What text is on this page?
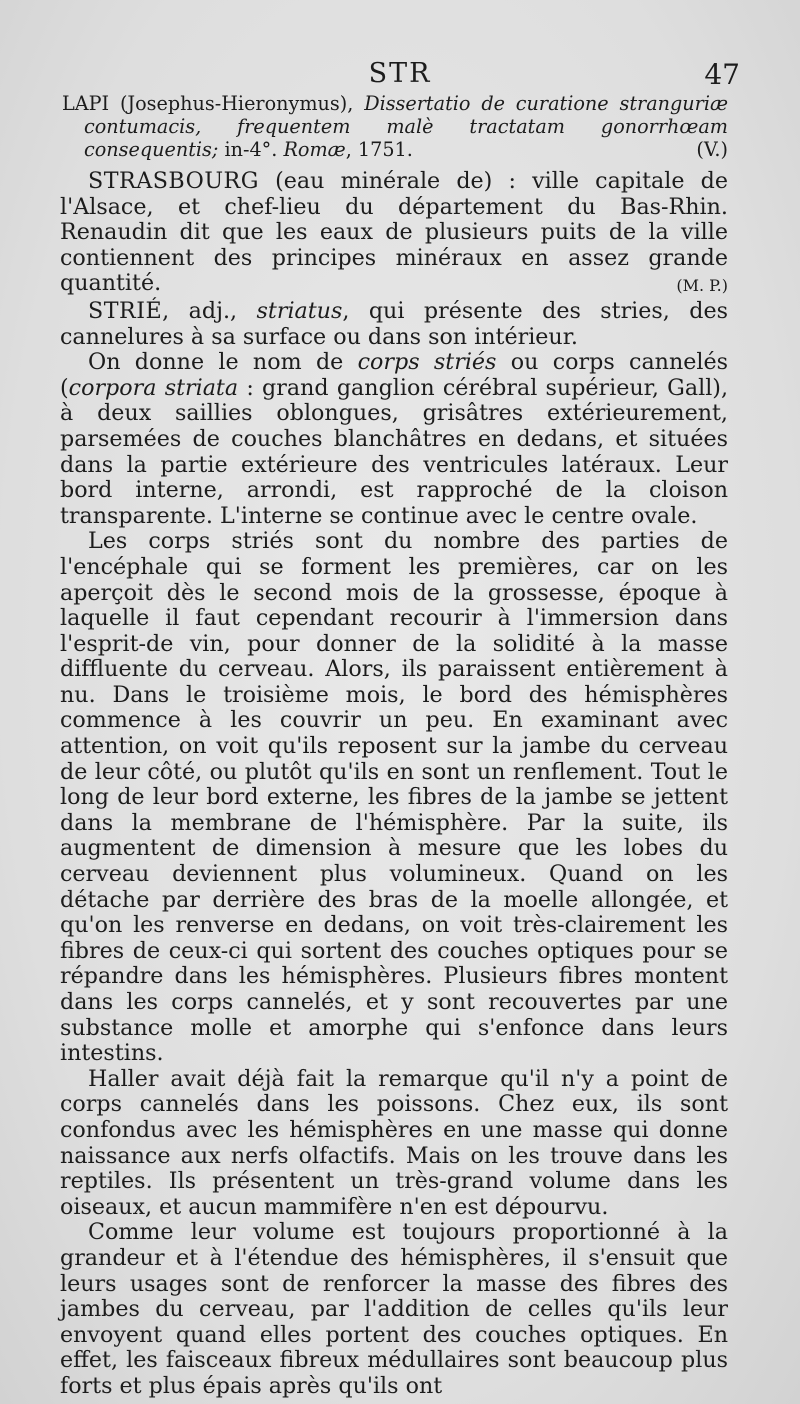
STR	47
LAPI (Josephus-Hieronymus), Dissertatio de curatione stranguriæ contumacis, frequentem malè tractatam gonorrhœam consequentis; in-4°. Romæ, 1751.	(V.)

STRASBOURG (eau minérale de) : ville capitale de l'Alsace, et chef-lieu du département du Bas-Rhin. Renaudin dit que les eaux de plusieurs puits de la ville contiennent des principes minéraux en assez grande quantité.	(M. P.)

STRIÉ, adj., striatus, qui présente des stries, des cannelures à sa surface ou dans son intérieur.

On donne le nom de corps striés ou corps cannelés (corpora striata : grand ganglion cérébral supérieur, Gall), à deux saillies oblongues, grisâtres extérieurement, parsemées de couches blanchâtres en dedans, et situées dans la partie extérieure des ventricules latéraux. Leur bord interne, arrondi, est rapproché de la cloison transparente. L'interne se continue avec le centre ovale.

Les corps striés sont du nombre des parties de l'encéphale qui se forment les premières, car on les aperçoit dès le second mois de la grossesse, époque à laquelle il faut cependant recourir à l'immersion dans l'esprit-de vin, pour donner de la solidité à la masse diffluente du cerveau. Alors, ils paraissent entièrement à nu. Dans le troisième mois, le bord des hémisphères commence à les couvrir un peu. En examinant avec attention, on voit qu'ils reposent sur la jambe du cerveau de leur côté, ou plutôt qu'ils en sont un renflement. Tout le long de leur bord externe, les fibres de la jambe se jettent dans la membrane de l'hémisphère. Par la suite, ils augmentent de dimension à mesure que les lobes du cerveau deviennent plus volumineux. Quand on les détache par derrière des bras de la moelle allongée, et qu'on les renverse en dedans, on voit très-clairement les fibres de ceux-ci qui sortent des couches optiques pour se répandre dans les hémisphères. Plusieurs fibres montent dans les corps cannelés, et y sont recouvertes par une substance molle et amorphe qui s'enfonce dans leurs intestins.

Haller avait déjà fait la remarque qu'il n'y a point de corps cannelés dans les poissons. Chez eux, ils sont confondus avec les hémisphères en une masse qui donne naissance aux nerfs olfactifs. Mais on les trouve dans les reptiles. Ils présentent un très-grand volume dans les oiseaux, et aucun mammifère n'en est dépourvu.

Comme leur volume est toujours proportionné à la grandeur et à l'étendue des hémisphères, il s'ensuit que leurs usages sont de renforcer la masse des fibres des jambes du cerveau, par l'addition de celles qu'ils leur envoyent quand elles portent des couches optiques. En effet, les faisceaux fibreux médullaires sont beaucoup plus forts et plus épais après qu'ils ont
